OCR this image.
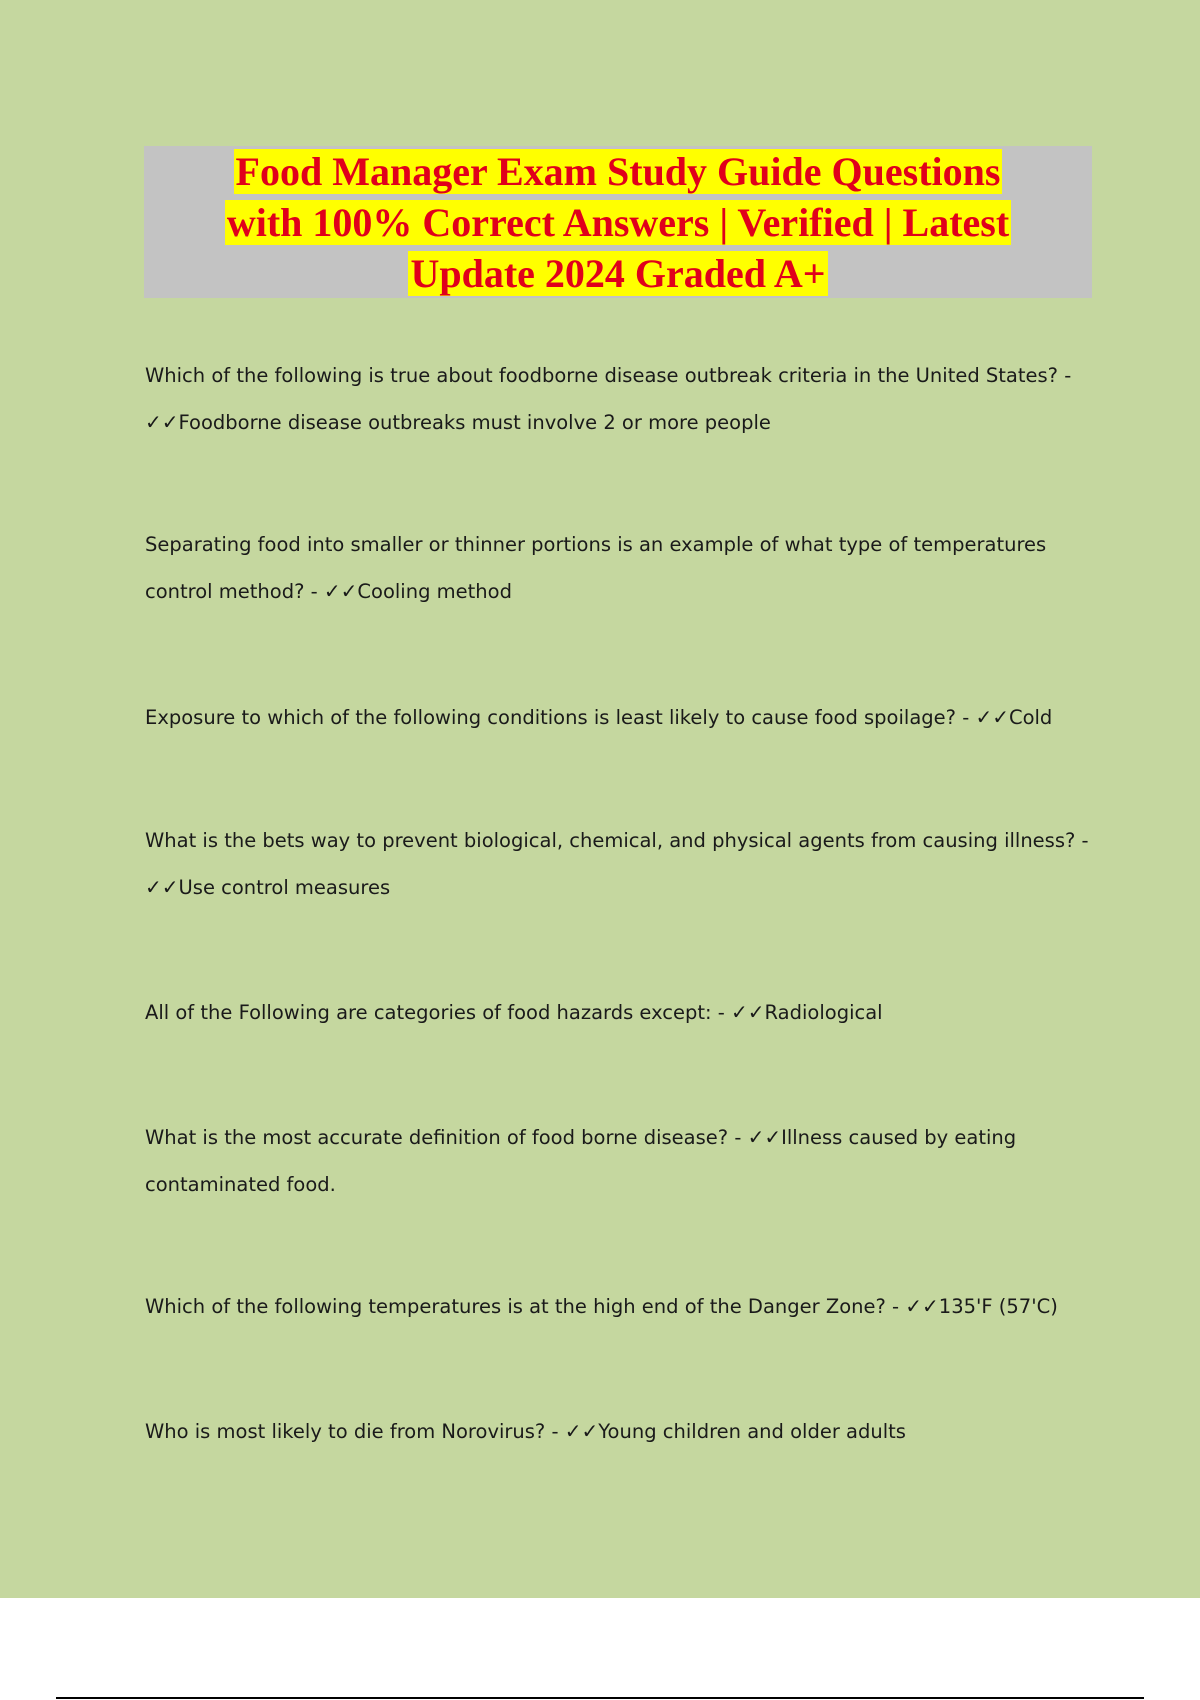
Food Manager Exam Study Guide Questions
with 100% Correct Answers | Verified | Latest
Update 2024 Graded A+
Which of the following is true about foodborne disease outbreak criteria in the United States? -
✓✓Foodborne disease outbreaks must involve 2 or more people
Separating food into smaller or thinner portions is an example of what type of temperatures
control method? - ✓✓Cooling method
Exposure to which of the following conditions is least likely to cause food spoilage? - ✓✓Cold
What is the bets way to prevent biological, chemical, and physical agents from causing illness? -
✓✓Use control measures
All of the Following are categories of food hazards except: - ✓✓Radiological
What is the most accurate definition of food borne disease? - ✓✓Illness caused by eating
contaminated food.
Which of the following temperatures is at the high end of the Danger Zone? - ✓✓135'F (57'C)
Who is most likely to die from Norovirus? - ✓✓Young children and older adults
